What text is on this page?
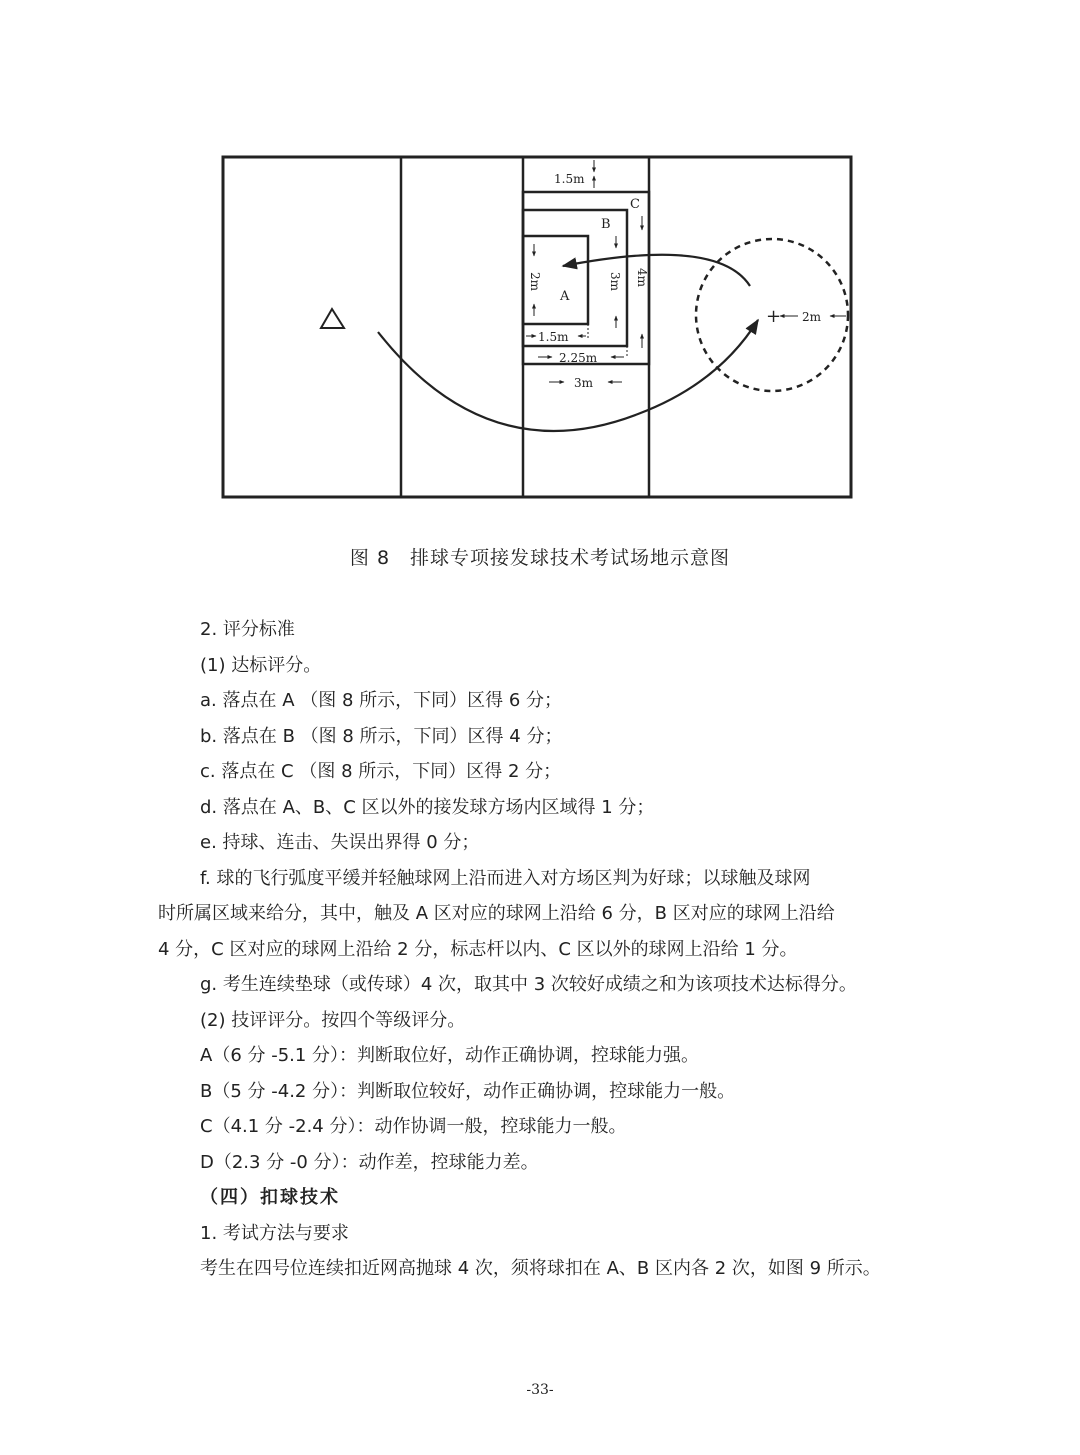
1.5m
C
B
A
4m
3m
2m
1.5m
2.25m
3m
+ 2m
图 8　排球专项接发球技术考试场地示意图
2. 评分标准
(1) 达标评分。
a. 落点在 A （图 8 所示，下同）区得 6 分；
b. 落点在 B （图 8 所示，下同）区得 4 分；
c. 落点在 C （图 8 所示，下同）区得 2 分；
d. 落点在 A、B、C 区以外的接发球方场内区域得 1 分；
e. 持球、连击、失误出界得 0 分；
f. 球的飞行弧度平缓并轻触球网上沿而进入对方场区判为好球；以球触及球网
时所属区域来给分，其中，触及 A 区对应的球网上沿给 6 分，B 区对应的球网上沿给
4 分，C 区对应的球网上沿给 2 分，标志杆以内、C 区以外的球网上沿给 1 分。
g. 考生连续垫球（或传球）4 次，取其中 3 次较好成绩之和为该项技术达标得分。
(2) 技评评分。按四个等级评分。
A（6 分 -5.1 分）：判断取位好，动作正确协调，控球能力强。
B（5 分 -4.2 分）：判断取位较好，动作正确协调，控球能力一般。
C（4.1 分 -2.4 分）：动作协调一般，控球能力一般。
D（2.3 分 -0 分）：动作差，控球能力差。
（四）扣球技术
1. 考试方法与要求
考生在四号位连续扣近网高抛球 4 次，须将球扣在 A、B 区内各 2 次，如图 9 所示。
-33-
